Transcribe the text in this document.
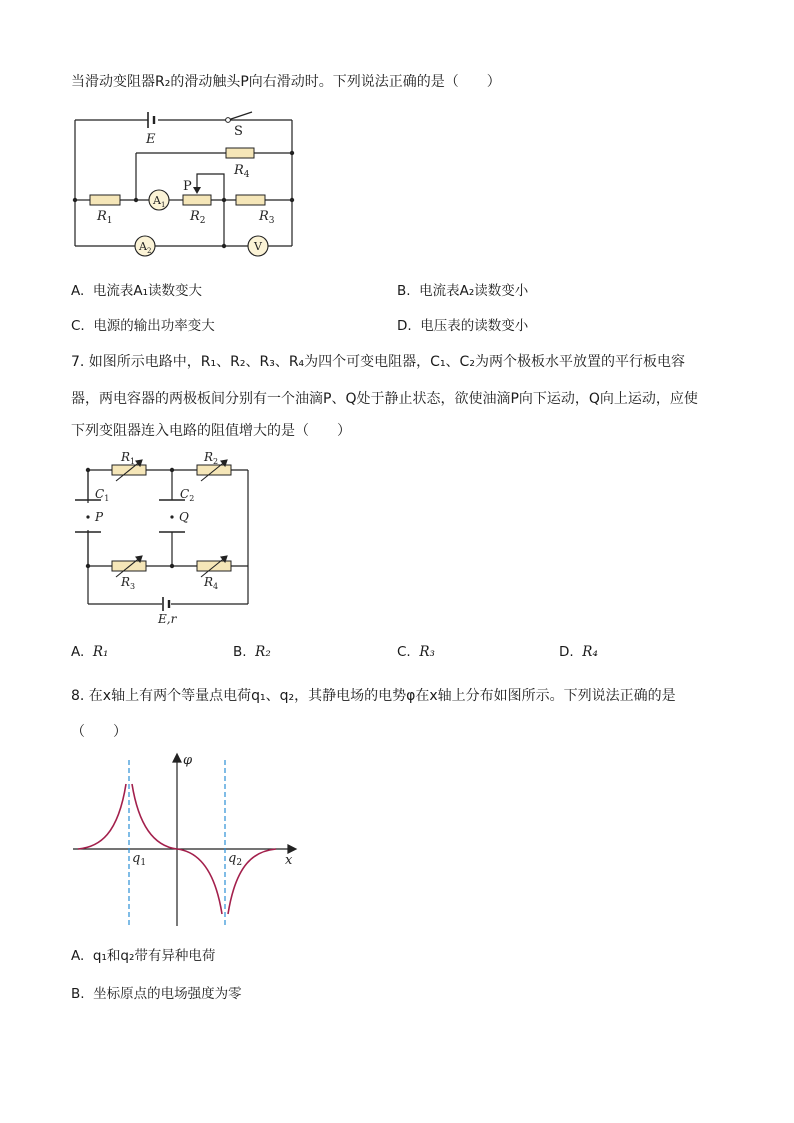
当滑动变阻器R₂的滑动触头P向右滑动时。下列说法正确的是（　　）
E
S
$R_4$
P
$R_1$	$R_2$	$R_3$
$A_1$
$A_2$	V
A. 电流表A₁读数变大	B. 电流表A₂读数变小
C. 电源的输出功率变大	D. 电压表的读数变小
7. 如图所示电路中，R₁、R₂、R₃、R₄为四个可变电阻器，C₁、C₂为两个极板水平放置的平行板电容
器，两电容器的两极板间分别有一个油滴P、Q处于静止状态，欲使油滴P向下运动，Q向上运动，应使
下列变阻器连入电路的阻值增大的是（　　）
$R_1$	$R_2$
$C_1$	$C_2$
P	Q
$R_3$	$R_4$
E,r
A. R₁	B. R₂	C. R₃	D. R₄
8. 在x轴上有两个等量点电荷q₁、q₂，其静电场的电势φ在x轴上分布如图所示。下列说法正确的是
（　　）
φ
x
$q_1$	$q_2$
A. q₁和q₂带有异种电荷
B. 坐标原点的电场强度为零
